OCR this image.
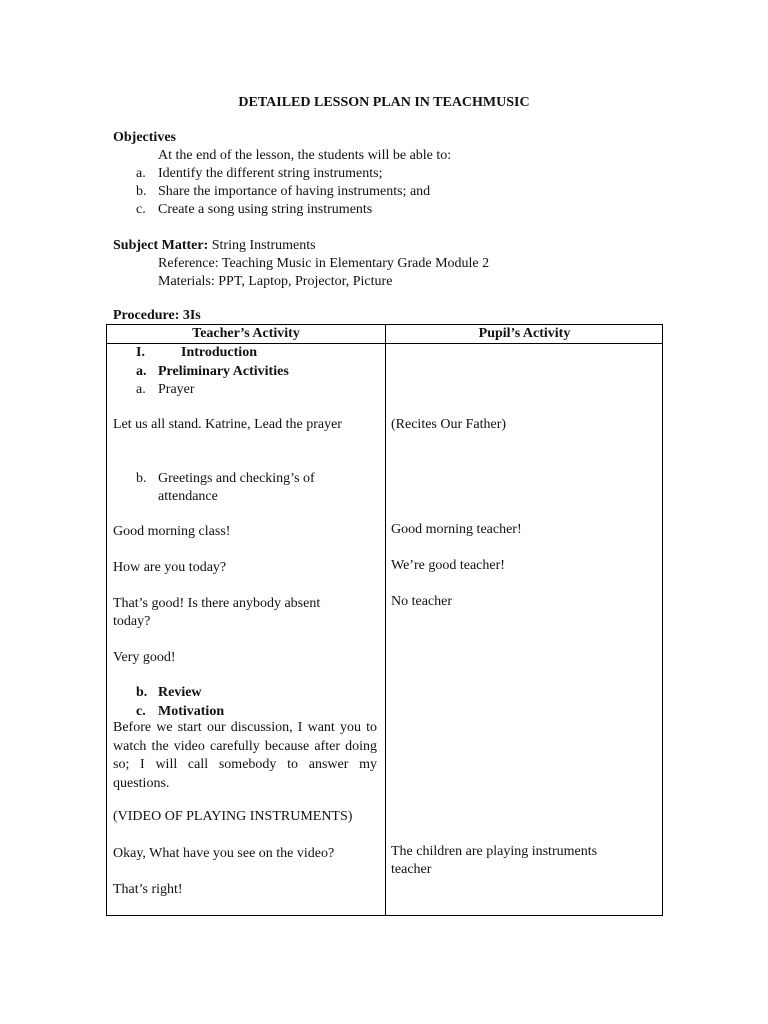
DETAILED LESSON PLAN IN TEACHMUSIC
Objectives
At the end of the lesson, the students will be able to:
a. Identify the different string instruments;
b. Share the importance of having instruments; and
c. Create a song using string instruments
Subject Matter: String Instruments
Reference: Teaching Music in Elementary Grade Module 2
Materials: PPT, Laptop, Projector, Picture
Procedure: 3Is
Teacher’s Activity	Pupil’s Activity
I.	Introduction
a. Preliminary Activities
a. Prayer
Let us all stand. Katrine, Lead the prayer
b. Greetings and checking’s of
attendance
Good morning class!
How are you today?
That’s good! Is there anybody absent
today?
Very good!
b. Review
c. Motivation
Before we start our discussion, I want you to watch the video carefully because after doing so; I will call somebody to answer my questions.
(VIDEO OF PLAYING INSTRUMENTS)
Okay, What have you see on the video?
That’s right!
(Recites Our Father)
Good morning teacher!
We’re good teacher!
No teacher
The children are playing instruments
teacher
